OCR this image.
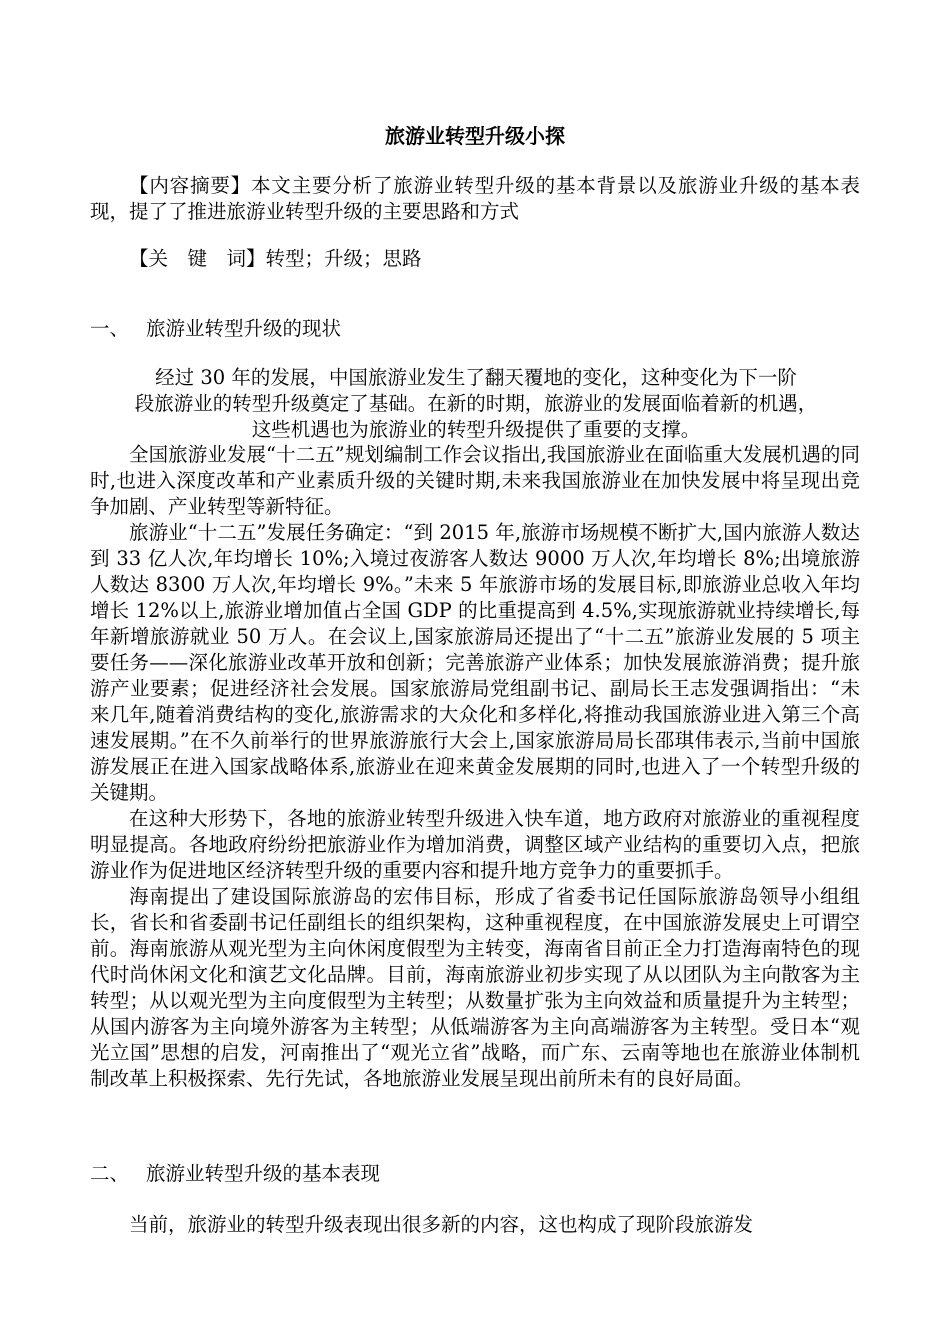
旅游业转型升级小探
【内容摘要】本文主要分析了旅游业转型升级的基本背景以及旅游业升级的基本表现，提了了推进旅游业转型升级的主要思路和方式
【关　键　词】转型；升级；思路
一、 旅游业转型升级的现状
经过 30 年的发展，中国旅游业发生了翻天覆地的变化，这种变化为下一阶
段旅游业的转型升级奠定了基础。在新的时期，旅游业的发展面临着新的机遇，
这些机遇也为旅游业的转型升级提供了重要的支撑。

全国旅游业发展“十二五”规划编制工作会议指出,我国旅游业在面临重大发展机遇的同时,也进入深度改革和产业素质升级的关键时期,未来我国旅游业在加快发展中将呈现出竞争加剧、产业转型等新特征。

旅游业“十二五”发展任务确定：“到 2015 年,旅游市场规模不断扩大,国内旅游人数达到 33 亿人次,年均增长 10%;入境过夜游客人数达 9000 万人次,年均增长 8%;出境旅游人数达 8300 万人次,年均增长 9%。”未来 5 年旅游市场的发展目标,即旅游业总收入年均增长 12%以上,旅游业增加值占全国 GDP 的比重提高到 4.5%,实现旅游就业持续增长,每年新增旅游就业 50 万人。在会议上,国家旅游局还提出了“十二五”旅游业发展的 5 项主要任务——深化旅游业改革开放和创新；完善旅游产业体系；加快发展旅游消费；提升旅游产业要素；促进经济社会发展。国家旅游局党组副书记、副局长王志发强调指出：“未来几年,随着消费结构的变化,旅游需求的大众化和多样化,将推动我国旅游业进入第三个高速发展期。”在不久前举行的世界旅游旅行大会上,国家旅游局局长邵琪伟表示,当前中国旅游发展正在进入国家战略体系,旅游业在迎来黄金发展期的同时,也进入了一个转型升级的关键期。

在这种大形势下，各地的旅游业转型升级进入快车道，地方政府对旅游业的重视程度明显提高。各地政府纷纷把旅游业作为增加消费，调整区域产业结构的重要切入点，把旅游业作为促进地区经济转型升级的重要内容和提升地方竞争力的重要抓手。

海南提出了建设国际旅游岛的宏伟目标，形成了省委书记任国际旅游岛领导小组组长，省长和省委副书记任副组长的组织架构，这种重视程度，在中国旅游发展史上可谓空前。海南旅游从观光型为主向休闲度假型为主转变，海南省目前正全力打造海南特色的现代时尚休闲文化和演艺文化品牌。目前，海南旅游业初步实现了从以团队为主向散客为主转型；从以观光型为主向度假型为主转型；从数量扩张为主向效益和质量提升为主转型；从国内游客为主向境外游客为主转型；从低端游客为主向高端游客为主转型。受日本“观光立国”思想的启发，河南推出了“观光立省”战略，而广东、云南等地也在旅游业体制机制改革上积极探索、先行先试，各地旅游业发展呈现出前所未有的良好局面。

二、 旅游业转型升级的基本表现
当前，旅游业的转型升级表现出很多新的内容，这也构成了现阶段旅游发
